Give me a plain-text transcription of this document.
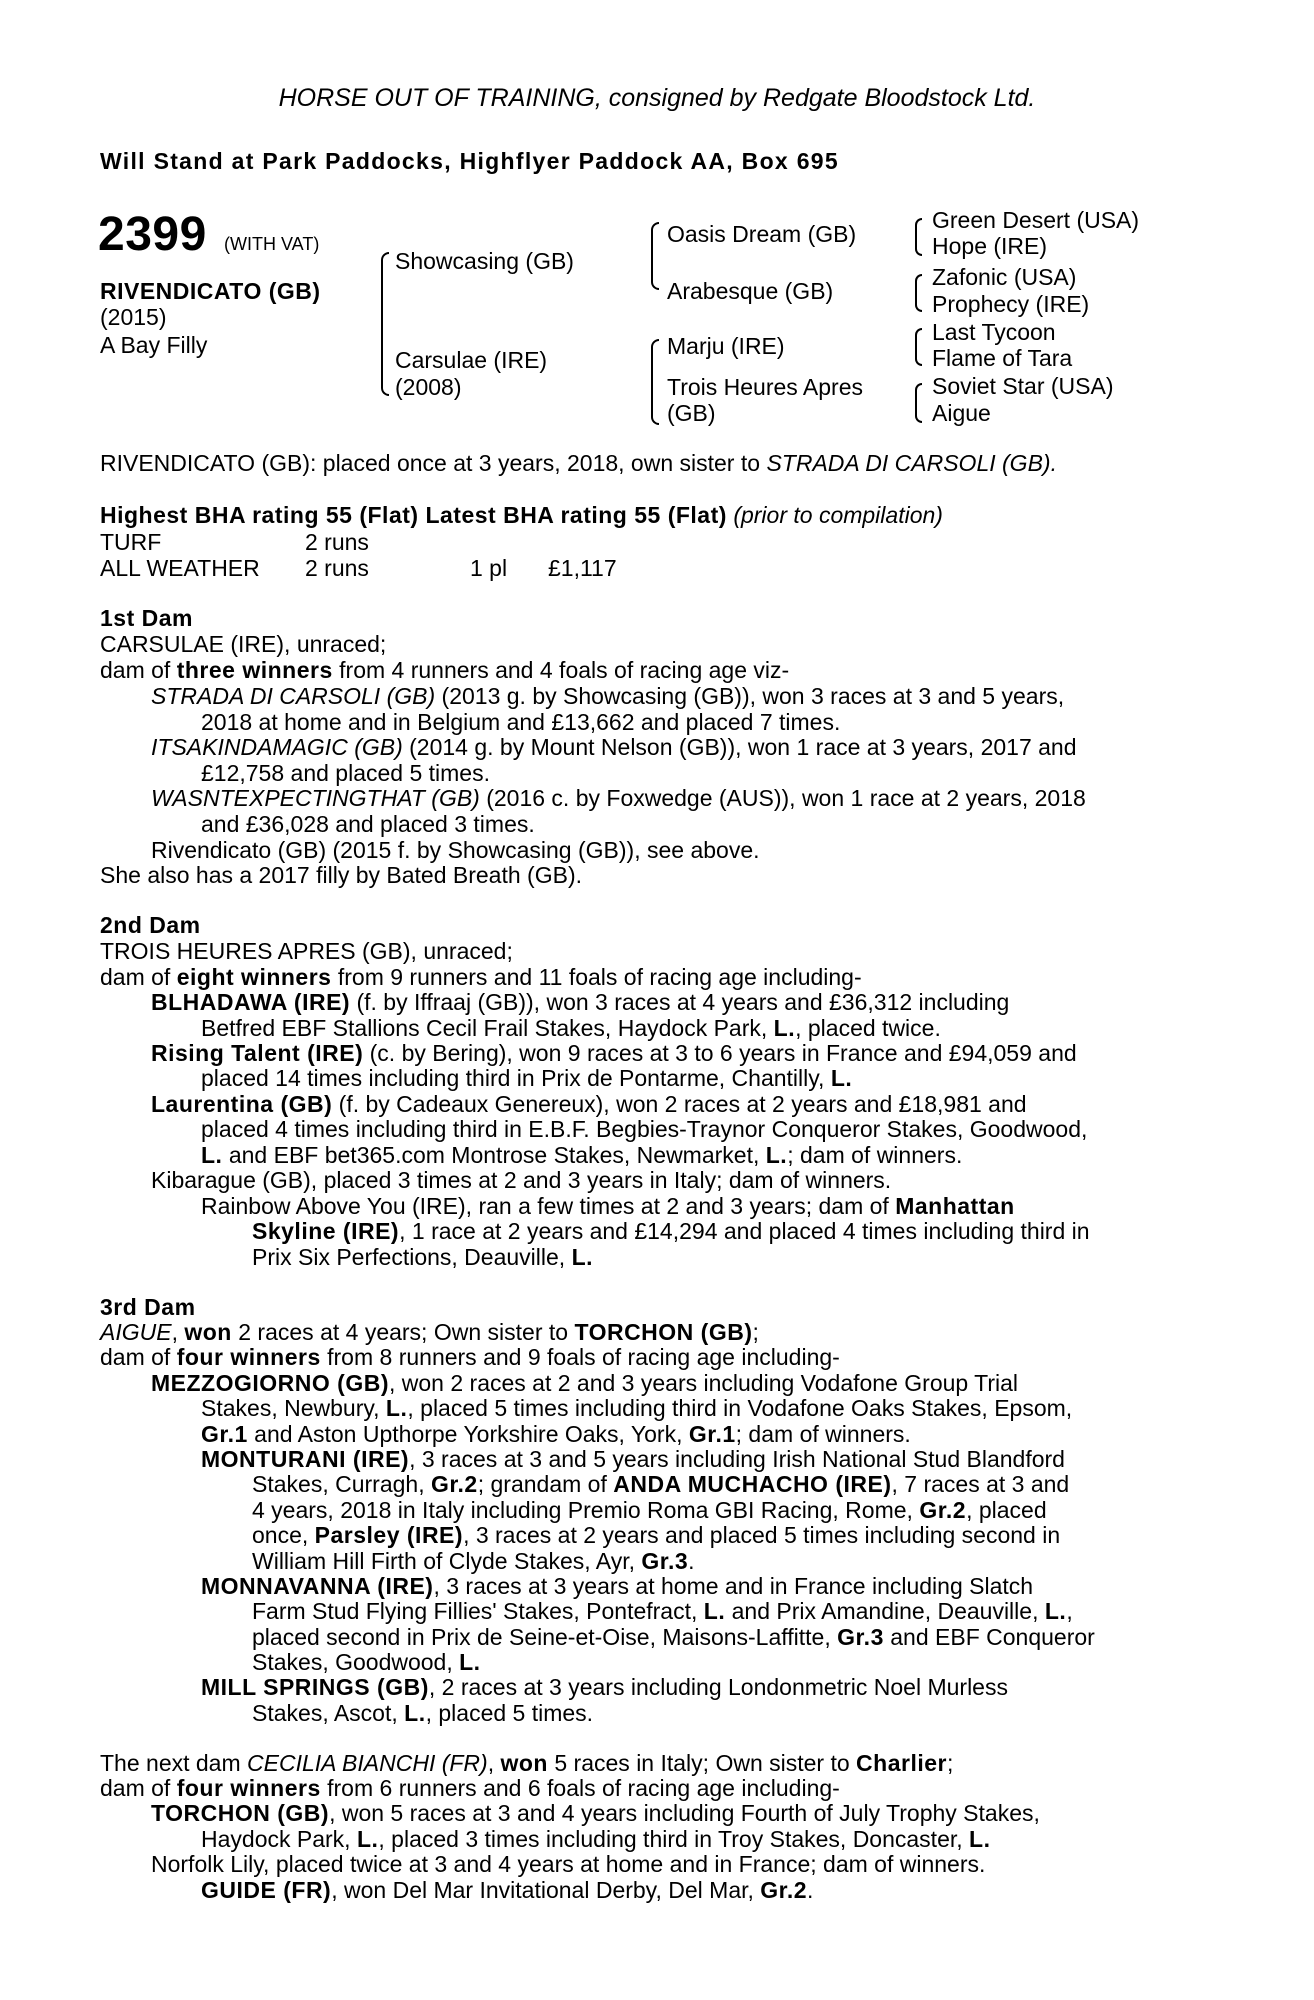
HORSE OUT OF TRAINING, consigned by Redgate Bloodstock Ltd.
Will Stand at Park Paddocks, Highflyer Paddock AA, Box 695
2399 (WITH VAT)
RIVENDICATO (GB)
(2015)
A Bay Filly
Showcasing (GB)
Carsulae (IRE)
(2008)
Oasis Dream (GB)
Arabesque (GB)
Marju (IRE)
Trois Heures Apres
(GB)
Green Desert (USA)
Hope (IRE)
Zafonic (USA)
Prophecy (IRE)
Last Tycoon
Flame of Tara
Soviet Star (USA)
Aigue
RIVENDICATO (GB): placed once at 3 years, 2018, own sister to STRADA DI CARSOLI (GB).
Highest BHA rating 55 (Flat) Latest BHA rating 55 (Flat) (prior to compilation)
TURF	2 runs
ALL WEATHER 2 runs	1 pl £1,117
1st Dam
CARSULAE (IRE), unraced;
dam of three winners from 4 runners and 4 foals of racing age viz-
STRADA DI CARSOLI (GB) (2013 g. by Showcasing (GB)), won 3 races at 3 and 5 years,
2018 at home and in Belgium and £13,662 and placed 7 times.
ITSAKINDAMAGIC (GB) (2014 g. by Mount Nelson (GB)), won 1 race at 3 years, 2017 and
£12,758 and placed 5 times.
WASNTEXPECTINGTHAT (GB) (2016 c. by Foxwedge (AUS)), won 1 race at 2 years, 2018
and £36,028 and placed 3 times.
Rivendicato (GB) (2015 f. by Showcasing (GB)), see above.
She also has a 2017 filly by Bated Breath (GB).
2nd Dam
TROIS HEURES APRES (GB), unraced;
dam of eight winners from 9 runners and 11 foals of racing age including-
BLHADAWA (IRE) (f. by Iffraaj (GB)), won 3 races at 4 years and £36,312 including
Betfred EBF Stallions Cecil Frail Stakes, Haydock Park, L., placed twice.
Rising Talent (IRE) (c. by Bering), won 9 races at 3 to 6 years in France and £94,059 and
placed 14 times including third in Prix de Pontarme, Chantilly, L.
Laurentina (GB) (f. by Cadeaux Genereux), won 2 races at 2 years and £18,981 and
placed 4 times including third in E.B.F. Begbies-Traynor Conqueror Stakes, Goodwood,
L. and EBF bet365.com Montrose Stakes, Newmarket, L.; dam of winners.
Kibarague (GB), placed 3 times at 2 and 3 years in Italy; dam of winners.
Rainbow Above You (IRE), ran a few times at 2 and 3 years; dam of Manhattan
Skyline (IRE), 1 race at 2 years and £14,294 and placed 4 times including third in
Prix Six Perfections, Deauville, L.
3rd Dam
AIGUE, won 2 races at 4 years; Own sister to TORCHON (GB);
dam of four winners from 8 runners and 9 foals of racing age including-
MEZZOGIORNO (GB), won 2 races at 2 and 3 years including Vodafone Group Trial
Stakes, Newbury, L., placed 5 times including third in Vodafone Oaks Stakes, Epsom,
Gr.1 and Aston Upthorpe Yorkshire Oaks, York, Gr.1; dam of winners.
MONTURANI (IRE), 3 races at 3 and 5 years including Irish National Stud Blandford
Stakes, Curragh, Gr.2; grandam of ANDA MUCHACHO (IRE), 7 races at 3 and
4 years, 2018 in Italy including Premio Roma GBI Racing, Rome, Gr.2, placed
once, Parsley (IRE), 3 races at 2 years and placed 5 times including second in
William Hill Firth of Clyde Stakes, Ayr, Gr.3.
MONNAVANNA (IRE), 3 races at 3 years at home and in France including Slatch
Farm Stud Flying Fillies' Stakes, Pontefract, L. and Prix Amandine, Deauville, L.,
placed second in Prix de Seine-et-Oise, Maisons-Laffitte, Gr.3 and EBF Conqueror
Stakes, Goodwood, L.
MILL SPRINGS (GB), 2 races at 3 years including Londonmetric Noel Murless
Stakes, Ascot, L., placed 5 times.
The next dam CECILIA BIANCHI (FR), won 5 races in Italy; Own sister to Charlier;
dam of four winners from 6 runners and 6 foals of racing age including-
TORCHON (GB), won 5 races at 3 and 4 years including Fourth of July Trophy Stakes,
Haydock Park, L., placed 3 times including third in Troy Stakes, Doncaster, L.
Norfolk Lily, placed twice at 3 and 4 years at home and in France; dam of winners.
GUIDE (FR), won Del Mar Invitational Derby, Del Mar, Gr.2.
